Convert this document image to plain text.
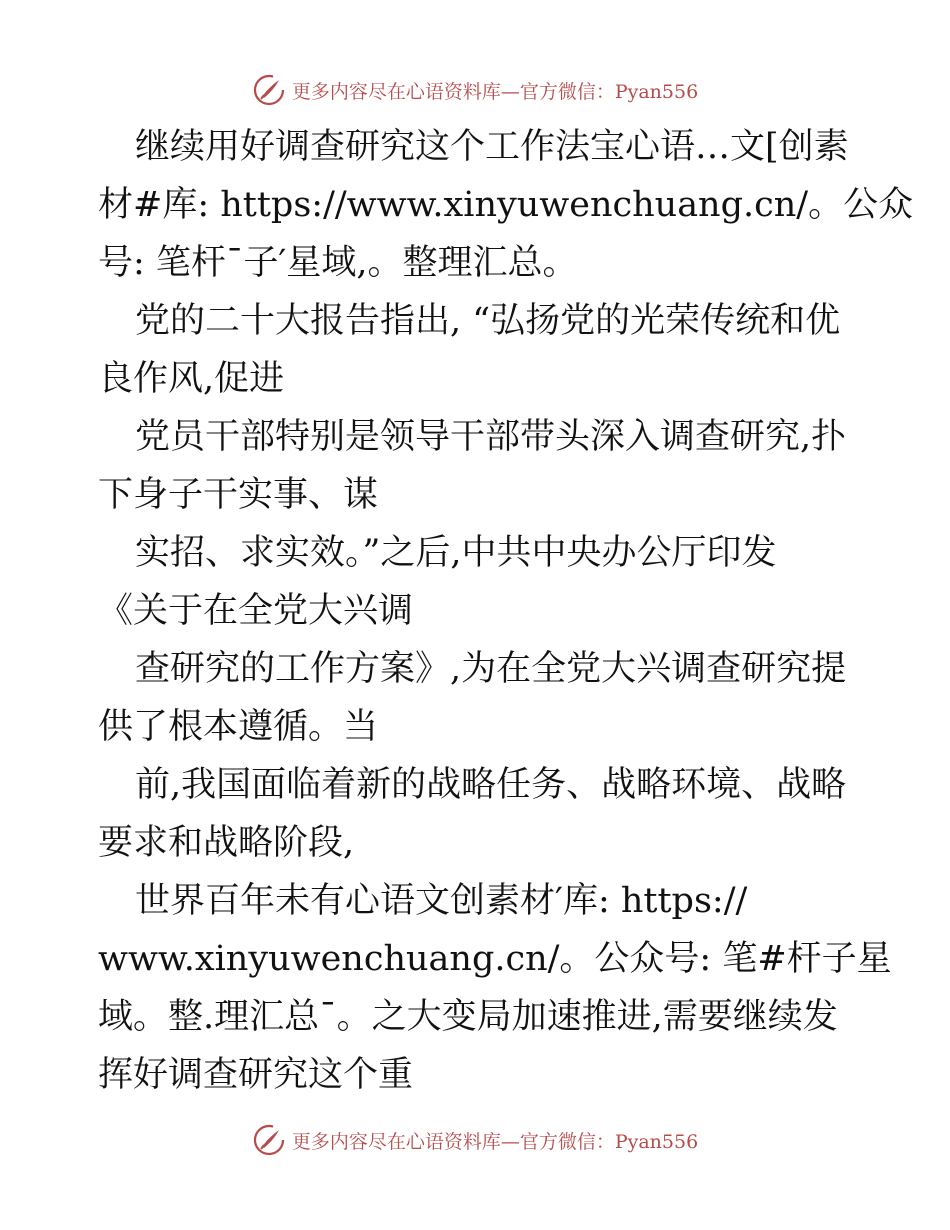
更多内容尽在心语资料库—官方微信：Pyan556
继续用好调查研究这个工作法宝心语…文[创素
材#库: https://www.xinyuwenchuang.cn/。公众
号: 笔杆¯子′星域,。整理汇总。
党的二十大报告指出, “弘扬党的光荣传统和优
良作风,促进
党员干部特别是领导干部带头深入调查研究,扑
下身子干实事、谋
实招、求实效。”之后,中共中央办公厅印发
《关于在全党大兴调
查研究的工作方案》,为在全党大兴调查研究提
供了根本遵循。当
前,我国面临着新的战略任务、战略环境、战略
要求和战略阶段,
世界百年未有心语文创素材′库: https://
www.xinyuwenchuang.cn/。公众号: 笔#杆子星
域。整.理汇总¯。之大变局加速推进,需要继续发
挥好调查研究这个重
更多内容尽在心语资料库—官方微信：Pyan556
